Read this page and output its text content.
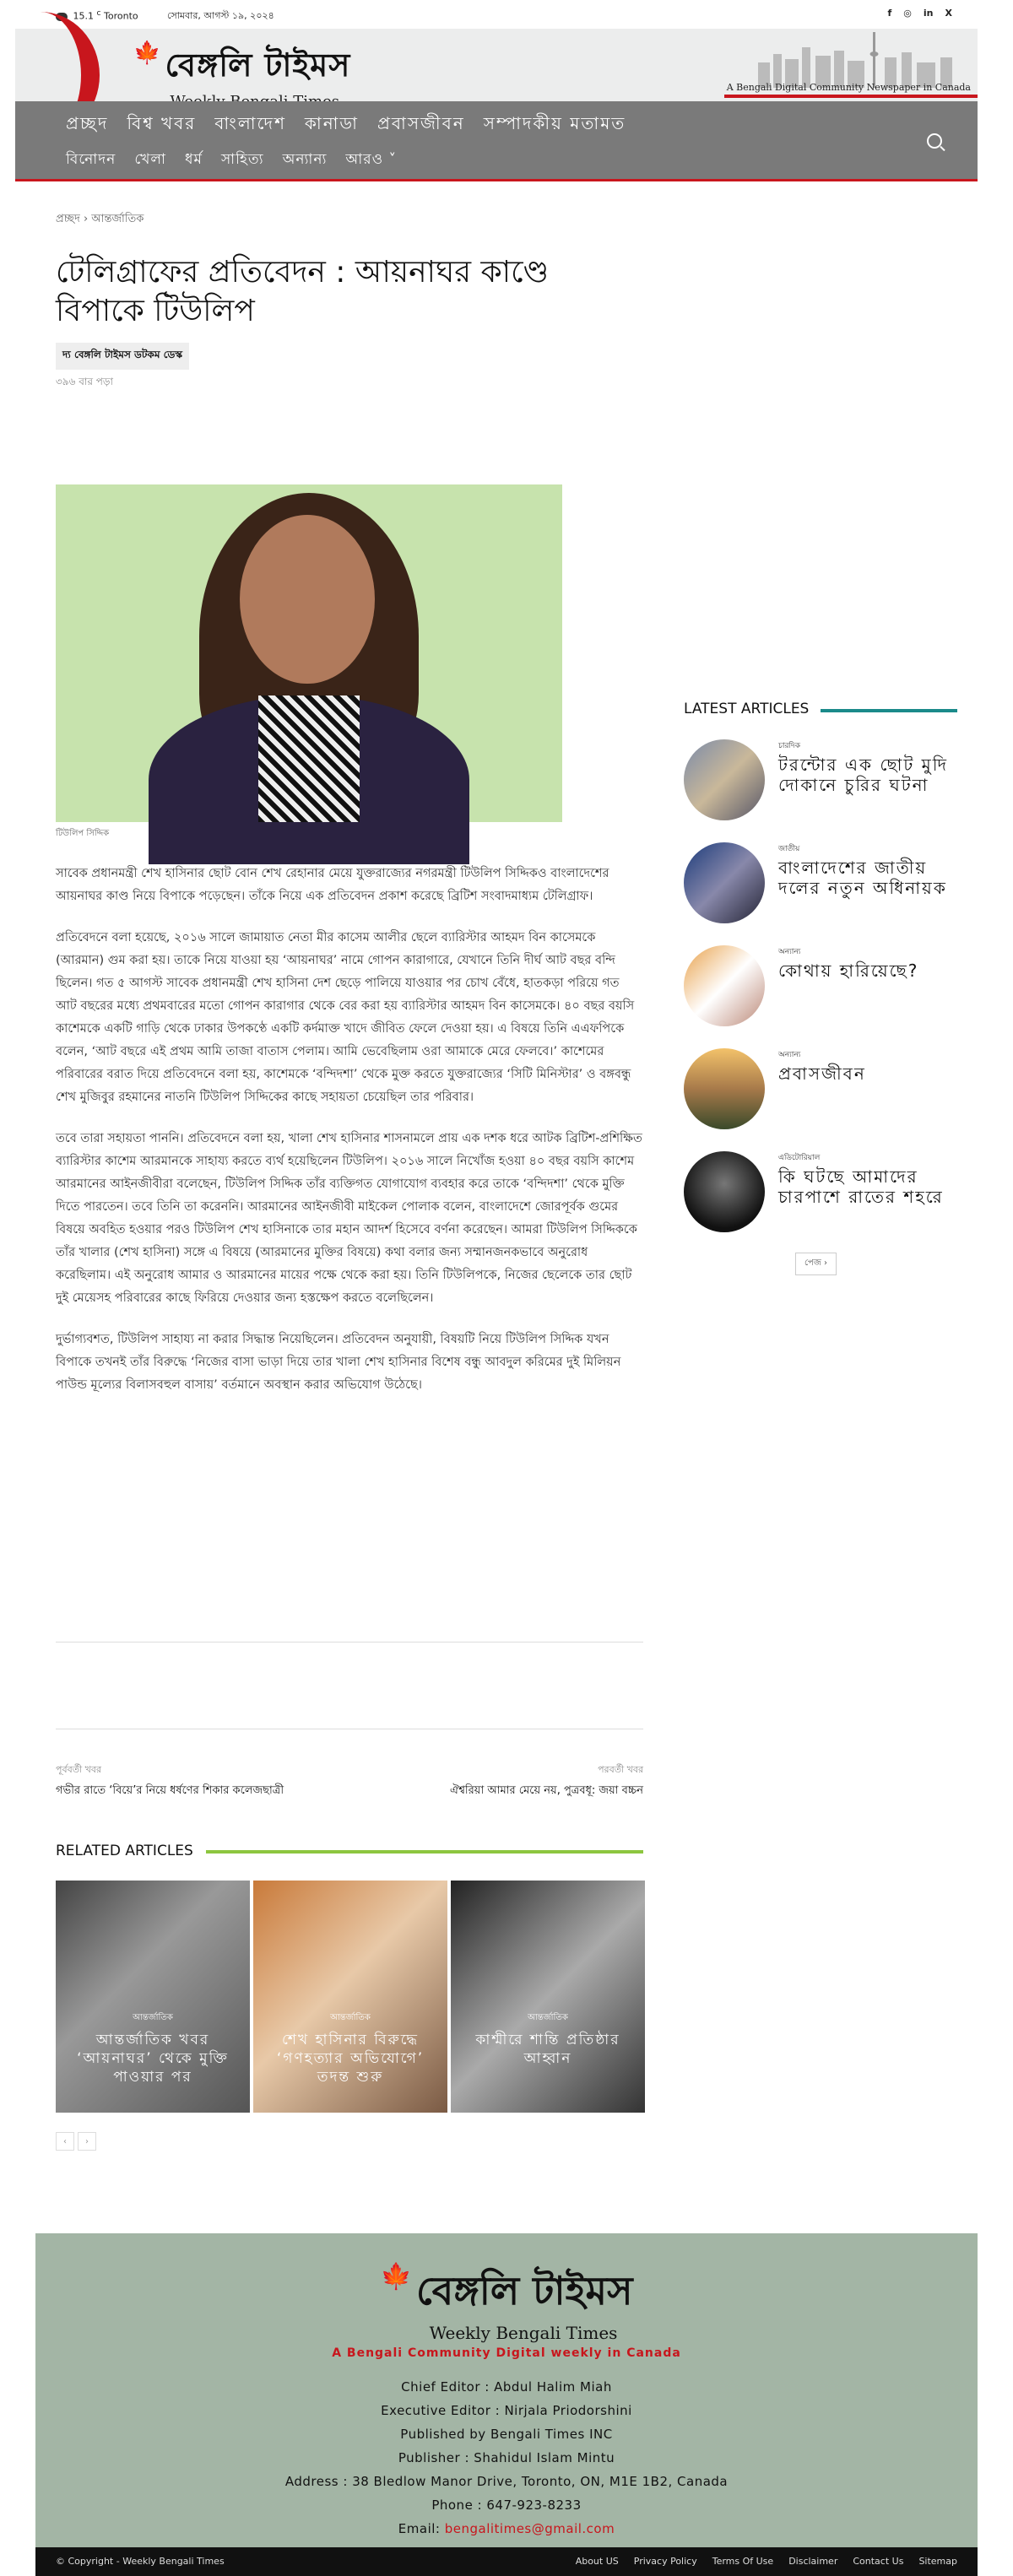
15.1 $^c$ Toronto	সোমবার, আগস্ট ১৯, ২০২৪	f ◎ in X
🍁 বেঙ্গলি টাইমস
A Bengali Digital Community Newspaper in Canada
প্রচ্ছদ বিশ্ব খবর বাংলাদেশ কানাডা প্রবাসজীবন সম্পাদকীয় মতামত
বিনোদন খেলা ধর্ম সাহিত্য অন্যান্য আরও ˅
প্রচ্ছদ › আন্তর্জাতিক
টেলিগ্রাফের প্রতিবেদন : আয়নাঘর কাণ্ডে বিপাকে টিউলিপ
দ্য বেঙ্গলি টাইমস ডটকম ডেস্ক
৩৯৬ বার পড়া
টিউলিপ সিদ্দিক

সাবেক প্রধানমন্ত্রী শেখ হাসিনার ছোট বোন শেখ রেহানার মেয়ে যুক্তরাজ্যের নগরমন্ত্রী টিউলিপ সিদ্দিকও বাংলাদেশের আয়নাঘর কাণ্ড নিয়ে বিপাকে পড়েছেন। তাঁকে নিয়ে এক প্রতিবেদন প্রকাশ করেছে ব্রিটিশ সংবাদমাধ্যম টেলিগ্রাফ।

প্রতিবেদনে বলা হয়েছে, ২০১৬ সালে জামায়াত নেতা মীর কাসেম আলীর ছেলে ব্যারিস্টার আহমদ বিন কাসেমকে (আরমান) গুম করা হয়। তাকে নিয়ে যাওয়া হয় ‘আয়নাঘর’ নামে গোপন কারাগারে, যেখানে তিনি দীর্ঘ আট বছর বন্দি ছিলেন। গত ৫ আগস্ট সাবেক প্রধানমন্ত্রী শেখ হাসিনা দেশ ছেড়ে পালিয়ে যাওয়ার পর চোখ বেঁধে, হাতকড়া পরিয়ে গত আট বছরের মধ্যে প্রথমবারের মতো গোপন কারাগার থেকে বের করা হয় ব্যারিস্টার আহমদ বিন কাসেমকে। ৪০ বছর বয়সি কাশেমকে একটি গাড়ি থেকে ঢাকার উপকণ্ঠে একটি কর্দমাক্ত খাদে জীবিত ফেলে দেওয়া হয়। এ বিষয়ে তিনি এএফপিকে বলেন, ‘আট বছরে এই প্রথম আমি তাজা বাতাস পেলাম। আমি ভেবেছিলাম ওরা আমাকে মেরে ফেলবে।’ কাশেমের পরিবারের বরাত দিয়ে প্রতিবেদনে বলা হয়, কাশেমকে ‘বন্দিদশা’ থেকে মুক্ত করতে যুক্তরাজ্যের ‘সিটি মিনিস্টার’ ও বঙ্গবন্ধু শেখ মুজিবুর রহমানের নাতনি টিউলিপ সিদ্দিকের কাছে সহায়তা চেয়েছিল তার পরিবার।

তবে তারা সহায়তা পাননি। প্রতিবেদনে বলা হয়, খালা শেখ হাসিনার শাসনামলে প্রায় এক দশক ধরে আটক ব্রিটিশ-প্রশিক্ষিত ব্যারিস্টার কাশেম আরমানকে সাহায্য করতে ব্যর্থ হয়েছিলেন টিউলিপ। ২০১৬ সালে নিখোঁজ হওয়া ৪০ বছর বয়সি কাশেম আরমানের আইনজীবীরা বলেছেন, টিউলিপ সিদ্দিক তাঁর ব্যক্তিগত যোগাযোগ ব্যবহার করে তাকে ‘বন্দিদশা’ থেকে মুক্তি দিতে পারতেন। তবে তিনি তা করেননি। আরমানের আইনজীবী মাইকেল পোলাক বলেন, বাংলাদেশে জোরপূর্বক গুমের বিষয়ে অবহিত হওয়ার পরও টিউলিপ শেখ হাসিনাকে তার মহান আদর্শ হিসেবে বর্ণনা করেছেন। আমরা টিউলিপ সিদ্দিককে তাঁর খালার (শেখ হাসিনা) সঙ্গে এ বিষয়ে (আরমানের মুক্তির বিষয়ে) কথা বলার জন্য সম্মানজনকভাবে অনুরোধ করেছিলাম। এই অনুরোধ আমার ও আরমানের মায়ের পক্ষে থেকে করা হয়। তিনি টিউলিপকে, নিজের ছেলেকে তার ছোট দুই মেয়েসহ পরিবারের কাছে ফিরিয়ে দেওয়ার জন্য হস্তক্ষেপ করতে বলেছিলেন।

দুর্ভাগ্যবশত, টিউলিপ সাহায্য না করার সিদ্ধান্ত নিয়েছিলেন। প্রতিবেদন অনুযায়ী, বিষয়টি নিয়ে টিউলিপ সিদ্দিক যখন বিপাকে তখনই তাঁর বিরুদ্ধে ‘নিজের বাসা ভাড়া দিয়ে তার খালা শেখ হাসিনার বিশেষ বন্ধু আবদুল করিমের দুই মিলিয়ন পাউন্ড মূল্যের বিলাসবহুল বাসায়’ বর্তমানে অবস্থান করার অভিযোগ উঠেছে।

পূর্ববর্তী খবর
গভীর রাতে ‘বিয়ে’র নিয়ে ধর্ষণের শিকার কলেজছাত্রী
পরবর্তী খবর
ঐশ্বরিয়া আমার মেয়ে নয়, পুত্রবধূ: জয়া বচ্চন
RELATED ARTICLES
আন্তর্জাতিক
আন্তর্জাতিক খবর ‘আয়নাঘর’ থেকে মুক্তি পাওয়ার পর
আন্তর্জাতিক
শেখ হাসিনার বিরুদ্ধে ‘গণহত্যার অভিযোগে’ তদন্ত শুরু
আন্তর্জাতিক
কাশ্মীরে শান্তি প্রতিষ্ঠার আহ্বান
‹	›
LATEST ARTICLES
চারদিক
টরন্টোর এক ছোট মুদি দোকানে চুরির ঘটনা
জাতীয়
বাংলাদেশের জাতীয় দলের নতুন অধিনায়ক
অন্যান্য
কোথায় হারিয়েছে?
অন্যান্য
প্রবাসজীবন
এডিটোরিয়াল
কি ঘটছে আমাদের চারপাশে রাতের শহরে
পেজ ›
🍁 বেঙ্গলি টাইমস
Weekly Bengali Times
A Bengali Community Digital weekly in Canada
Chief Editor : Abdul Halim Miah
Executive Editor : Nirjala Priodorshini
Published by Bengali Times INC
Publisher : Shahidul Islam Mintu
Address : 38 Bledlow Manor Drive, Toronto, ON, M1E 1B2, Canada
Phone : 647-923-8233
Email: bengalitimes@gmail.com
© Copyright - Weekly Bengali Times	About US Privacy Policy Terms Of Use Disclaimer Contact Us Sitemap
